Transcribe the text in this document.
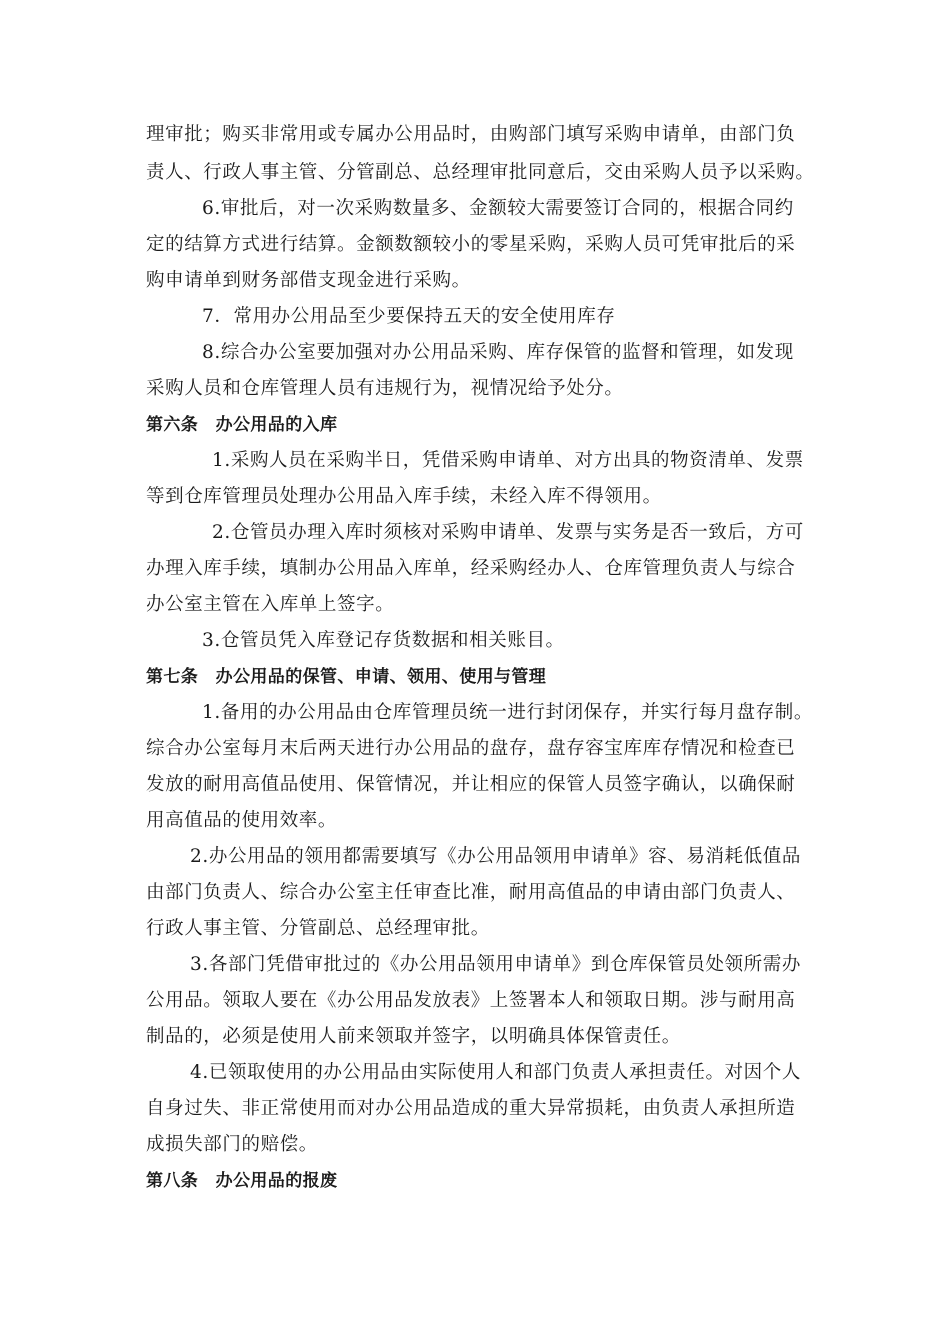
理审批；购买非常用或专属办公用品时，由购部门填写采购申请单，由部门负
责人、行政人事主管、分管副总、总经理审批同意后，交由采购人员予以采购。
6.审批后，对一次采购数量多、金额较大需要签订合同的，根据合同约
定的结算方式进行结算。金额数额较小的零星采购，采购人员可凭审批后的采
购申请单到财务部借支现金进行采购。
7．常用办公用品至少要保持五天的安全使用库存
8.综合办公室要加强对办公用品采购、库存保管的监督和管理，如发现
采购人员和仓库管理人员有违规行为，视情况给予处分。
第六条　办公用品的入库
1.采购人员在采购半日，凭借采购申请单、对方出具的物资清单、发票
等到仓库管理员处理办公用品入库手续，未经入库不得领用。
2.仓管员办理入库时须核对采购申请单、发票与实务是否一致后，方可
办理入库手续，填制办公用品入库单，经采购经办人、仓库管理负责人与综合
办公室主管在入库单上签字。
3.仓管员凭入库登记存货数据和相关账目。
第七条　办公用品的保管、申请、领用、使用与管理
1.备用的办公用品由仓库管理员统一进行封闭保存，并实行每月盘存制。
综合办公室每月末后两天进行办公用品的盘存，盘存容宝库库存情况和检查已
发放的耐用高值品使用、保管情况，并让相应的保管人员签字确认，以确保耐
用高值品的使用效率。
2.办公用品的领用都需要填写《办公用品领用申请单》容、易消耗低值品
由部门负责人、综合办公室主任审查比准，耐用高值品的申请由部门负责人、
行政人事主管、分管副总、总经理审批。
3.各部门凭借审批过的《办公用品领用申请单》到仓库保管员处领所需办
公用品。领取人要在《办公用品发放表》上签署本人和领取日期。涉与耐用高
制品的，必须是使用人前来领取并签字，以明确具体保管责任。
4.已领取使用的办公用品由实际使用人和部门负责人承担责任。对因个人
自身过失、非正常使用而对办公用品造成的重大异常损耗，由负责人承担所造
成损失部门的赔偿。
第八条　办公用品的报废
